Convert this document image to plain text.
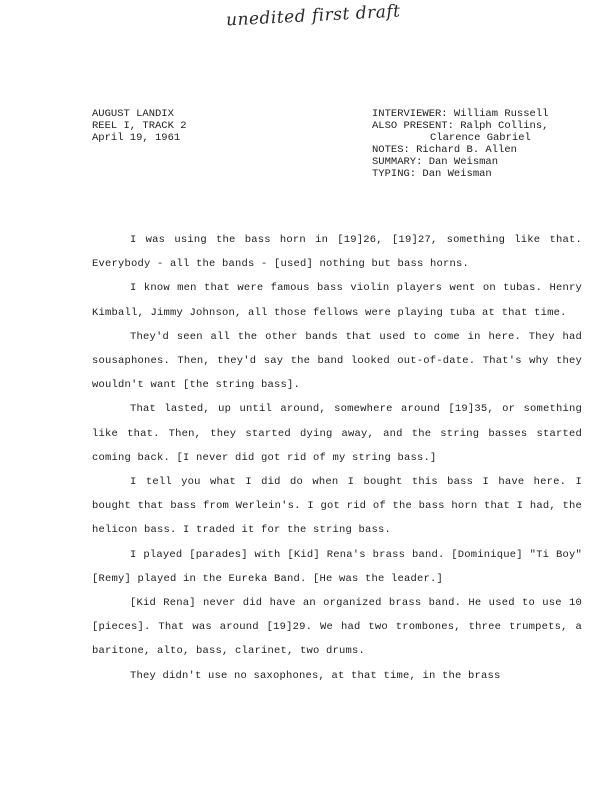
unedited first draft
AUGUST LANDIX
REEL I, TRACK 2
April 19, 1961
INTERVIEWER: William Russell
ALSO PRESENT: Ralph Collins,
Clarence Gabriel
NOTES: Richard B. Allen
SUMMARY: Dan Weisman
TYPING: Dan Weisman

I was using the bass horn in [19]26, [19]27, something like that. Everybody - all the bands - [used] nothing but bass horns.

I know men that were famous bass violin players went on tubas. Henry Kimball, Jimmy Johnson, all those fellows were playing tuba at that time.

They'd seen all the other bands that used to come in here. They had sousaphones. Then, they'd say the band looked out-of-date. That's why they wouldn't want [the string bass].

That lasted, up until around, somewhere around [19]35, or something like that. Then, they started dying away, and the string basses started coming back. [I never did got rid of my string bass.]

I tell you what I did do when I bought this bass I have here. I bought that bass from Werlein's. I got rid of the bass horn that I had, the helicon bass. I traded it for the string bass.

I played [parades] with [Kid] Rena's brass band. [Dominique] "Ti Boy" [Remy] played in the Eureka Band. [He was the leader.]

[Kid Rena] never did have an organized brass band. He used to use 10 [pieces]. That was around [19]29. We had two trombones, three trumpets, a baritone, alto, bass, clarinet, two drums.

They didn't use no saxophones, at that time, in the brass
